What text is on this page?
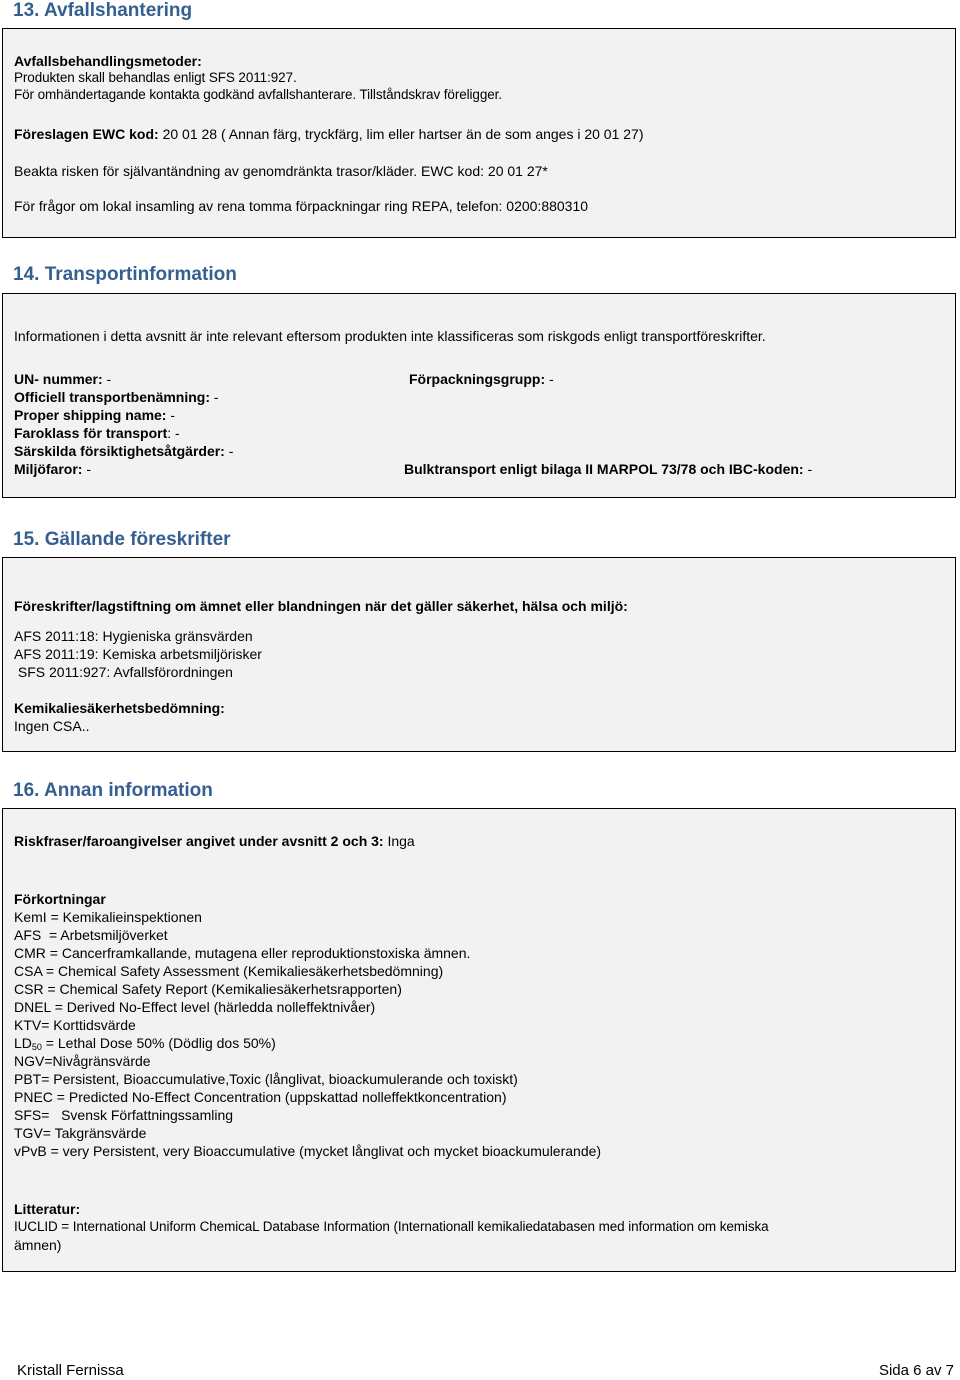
13. Avfallshantering
Avfallsbehandlingsmetoder:
Produkten skall behandlas enligt SFS 2011:927.
För omhändertagande kontakta godkänd avfallshanterare. Tillståndskrav föreligger.
Föreslagen EWC kod: 20 01 28 ( Annan färg, tryckfärg, lim eller hartser än de som anges i 20 01 27)
Beakta risken för självantändning av genomdränkta trasor/kläder. EWC kod: 20 01 27*
För frågor om lokal insamling av rena tomma förpackningar ring REPA, telefon: 0200:880310
14. Transportinformation
Informationen i detta avsnitt är inte relevant eftersom produkten inte klassificeras som riskgods enligt transportföreskrifter.
UN- nummer: -	Förpackningsgrupp: -
Officiell transportbenämning: -
Proper shipping name: -
Faroklass för transport: -
Särskilda försiktighetsåtgärder: -
Miljöfaror: -	Bulktransport enligt bilaga II MARPOL 73/78 och IBC-koden: -
15. Gällande föreskrifter
Föreskrifter/lagstiftning om ämnet eller blandningen när det gäller säkerhet, hälsa och miljö:
AFS 2011:18: Hygieniska gränsvärden
AFS 2011:19: Kemiska arbetsmiljörisker
SFS 2011:927: Avfallsförordningen
Kemikaliesäkerhetsbedömning:
Ingen CSA..
16. Annan information
Riskfraser/faroangivelser angivet under avsnitt 2 och 3: Inga
Förkortningar
KemI = Kemikalieinspektionen
AFS  = Arbetsmiljöverket
CMR = Cancerframkallande, mutagena eller reproduktionstoxiska ämnen.
CSA = Chemical Safety Assessment (Kemikaliesäkerhetsbedömning)
CSR = Chemical Safety Report (Kemikaliesäkerhetsrapporten)
DNEL = Derived No-Effect level (härledda nolleffektnivåer)
KTV= Korttidsvärde
$LD_{50}$ = Lethal Dose 50% (Dödlig dos 50%)
NGV=Nivågränsvärde
PBT= Persistent, Bioaccumulative,Toxic (långlivat, bioackumulerande och toxiskt)
PNEC = Predicted No-Effect Concentration (uppskattad nolleffektkoncentration)
SFS=   Svensk Författningssamling
TGV= Takgränsvärde
vPvB = very Persistent, very Bioaccumulative (mycket långlivat och mycket bioackumulerande)
Litteratur:
IUCLID = International Uniform ChemicaL Database Information (Internationall kemikaliedatabasen med information om kemiska
ämnen)
Kristall Fernissa	Sida 6 av 7
